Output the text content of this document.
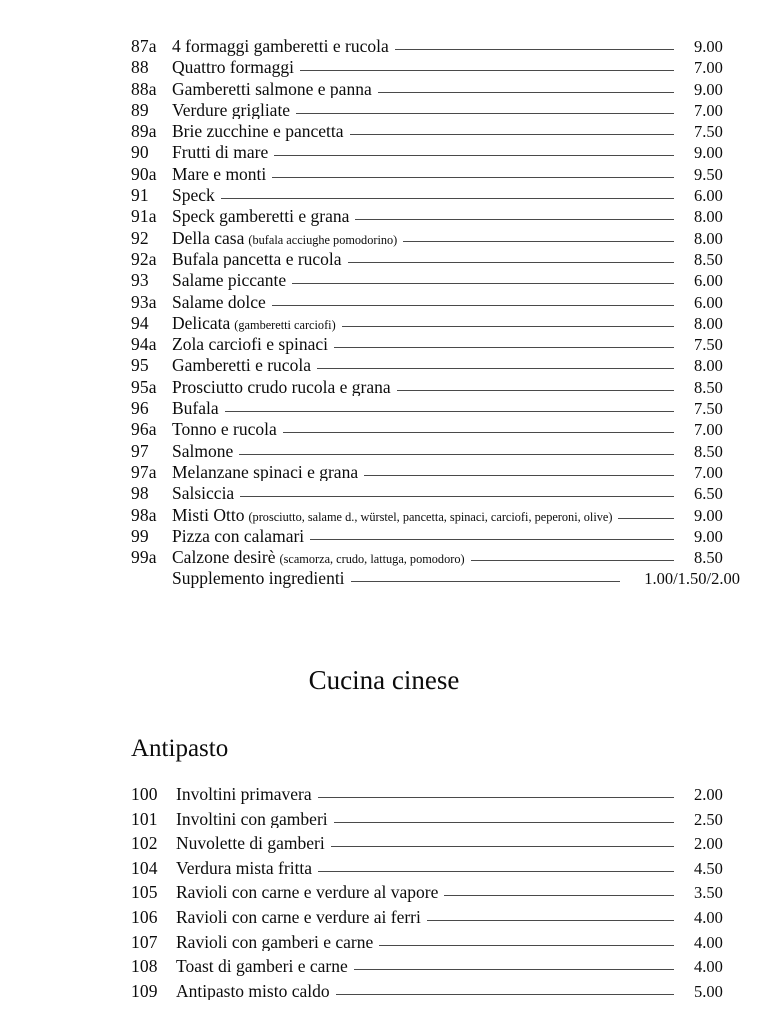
87a 4 formaggi gamberetti e rucola	9.00
88	Quattro formaggi	7.00
88a Gamberetti salmone e panna	9.00
89	Verdure grigliate	7.00
89a Brie zucchine e pancetta	7.50
90	Frutti di mare	9.00
90a Mare e monti	9.50
91	Speck	6.00
91a Speck gamberetti e grana	8.00
92	Della casa (bufala acciughe pomodorino)	8.00
92a Bufala pancetta e rucola	8.50
93	Salame piccante	6.00
93a Salame dolce	6.00
94	Delicata (gamberetti carciofi)	8.00
94a Zola carciofi e spinaci	7.50
95	Gamberetti e rucola	8.00
95a Prosciutto crudo rucola e grana	8.50
96	Bufala	7.50
96a Tonno e rucola	7.00
97	Salmone	8.50
97a Melanzane spinaci e grana	7.00
98	Salsiccia	6.50
98a Misti Otto (prosciutto, salame d., würstel, pancetta, spinaci, carciofi, peperoni, olive)	9.00
99	Pizza con calamari	9.00
99a Calzone desirè (scamorza, crudo, lattuga, pomodoro)	8.50
Supplemento ingredienti	1.00/1.50/2.00
Cucina cinese
Antipasto
100	Involtini primavera	2.00
101	Involtini con gamberi	2.50
102	Nuvolette di gamberi	2.00
104	Verdura mista fritta	4.50
105	Ravioli con carne e verdure al vapore	3.50
106	Ravioli con carne e verdure ai ferri	4.00
107	Ravioli con gamberi e carne	4.00
108	Toast di gamberi e carne	4.00
109	Antipasto misto caldo	5.00
